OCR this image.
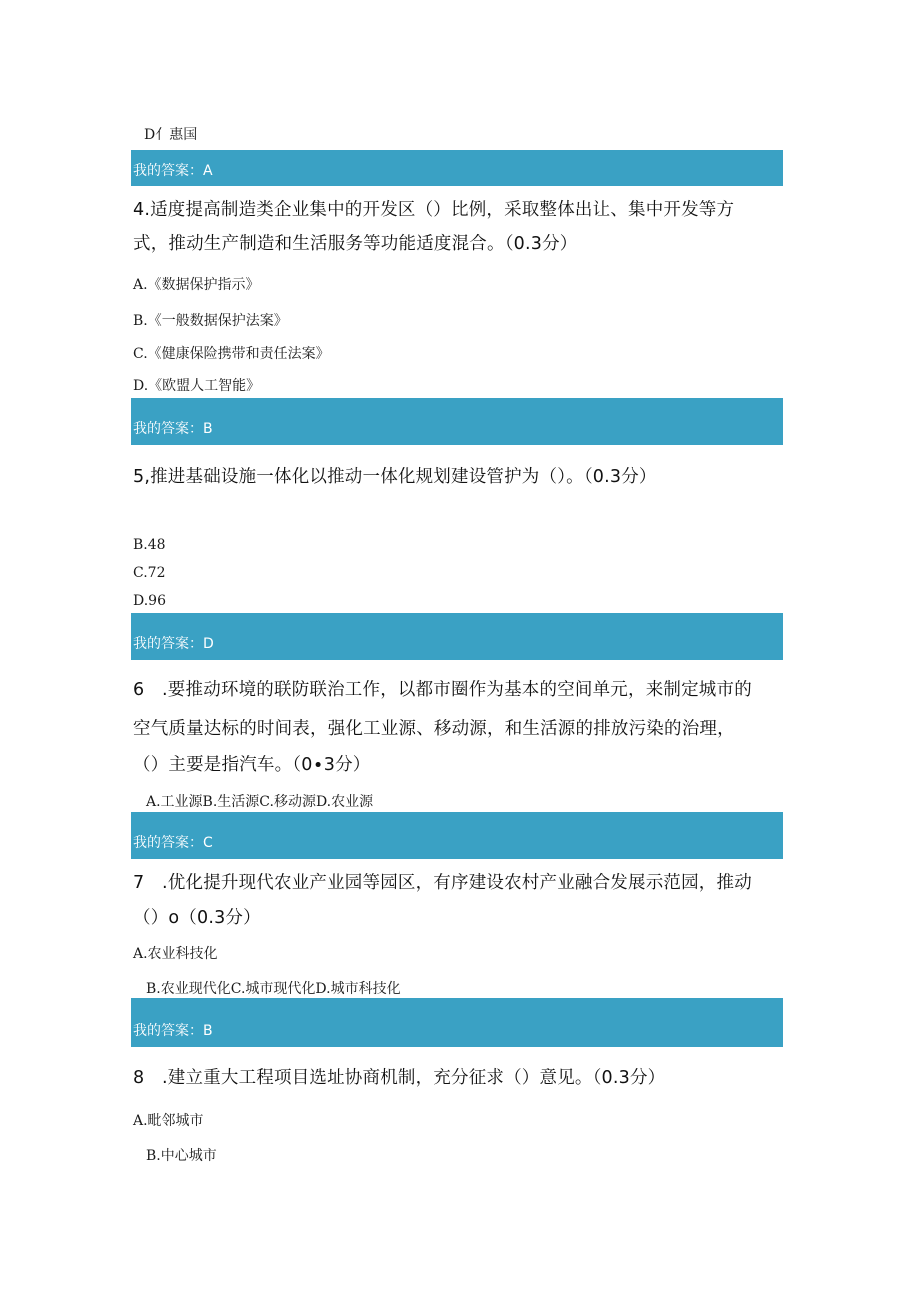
D亻惠国
我的答案：A
4.适度提高制造类企业集中的开发区（）比例，采取整体出让、集中开发等方
式，推动生产制造和生活服务等功能适度混合。（0.3分）
A.《数据保护指示》
B.《一般数据保护法案》
C.《健康保险携带和责任法案》
D.《欧盟人工智能》
我的答案：B
5,推进基础设施一体化以推动一体化规划建设管护为（）。（0.3分）
B.48
C.72
D.96
我的答案：D
6　.要推动环境的联防联治工作，以都市圈作为基本的空间单元，来制定城市的
空气质量达标的时间表，强化工业源、移动源，和生活源的排放污染的治理，
（）主要是指汽车。（0∙3分）
A.工业源B.生活源C.移动源D.农业源
我的答案：C
7　.优化提升现代农业产业园等园区，有序建设农村产业融合发展示范园，推动
（）o（0.3分）
A.农业科技化
B.农业现代化C.城市现代化D.城市科技化
我的答案：B
8　.建立重大工程项目选址协商机制，充分征求（）意见。（0.3分）
A.毗邻城市
B.中心城市
